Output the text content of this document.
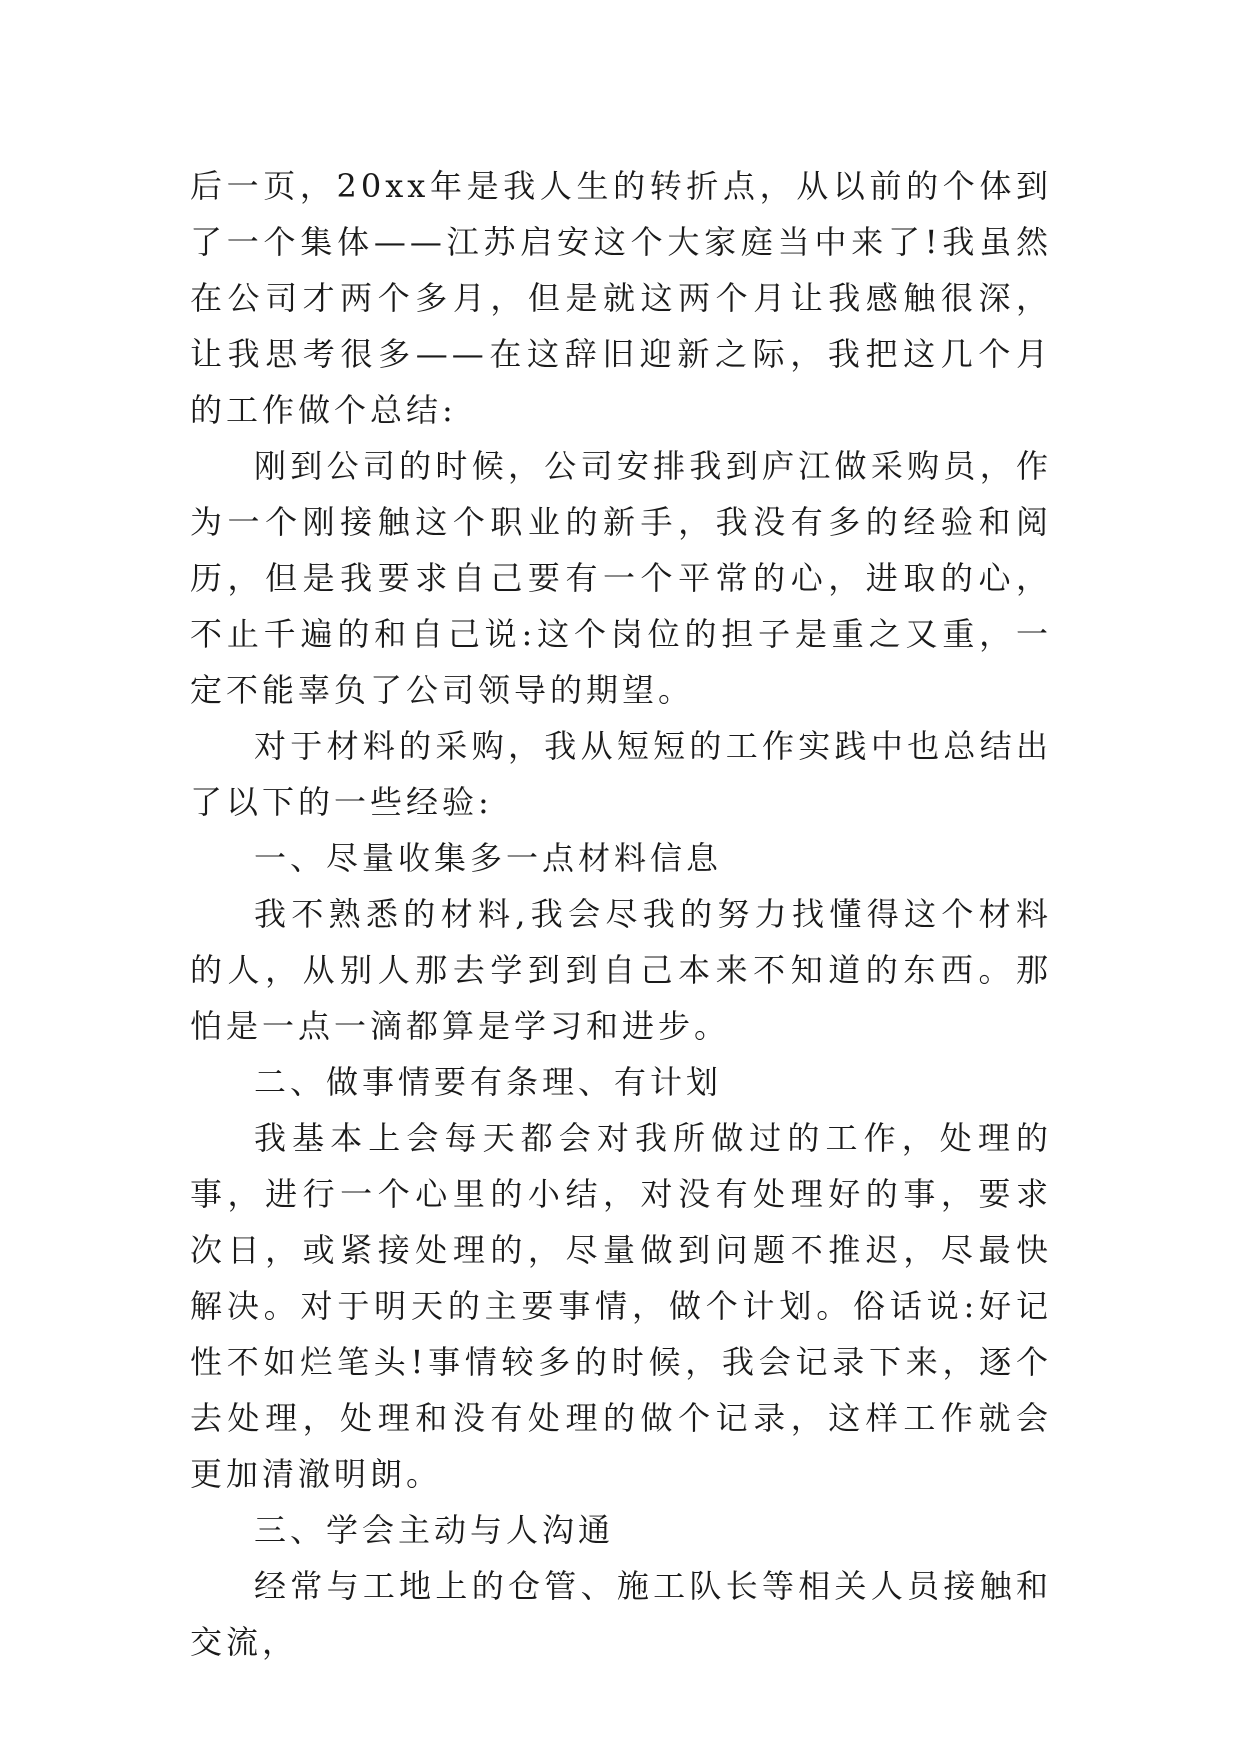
后一页，20xx年是我人生的转折点，从以前的个体到了一个集体——江苏启安这个大家庭当中来了!我虽然在公司才两个多月，但是就这两个月让我感触很深，让我思考很多——在这辞旧迎新之际，我把这几个月的工作做个总结:

刚到公司的时候，公司安排我到庐江做采购员，作为一个刚接触这个职业的新手，我没有多的经验和阅历，但是我要求自己要有一个平常的心，进取的心，不止千遍的和自己说:这个岗位的担子是重之又重，一定不能辜负了公司领导的期望。

对于材料的采购，我从短短的工作实践中也总结出了以下的一些经验:

一、尽量收集多一点材料信息

我不熟悉的材料,我会尽我的努力找懂得这个材料的人，从别人那去学到到自己本来不知道的东西。那怕是一点一滴都算是学习和进步。

二、做事情要有条理、有计划

我基本上会每天都会对我所做过的工作，处理的事，进行一个心里的小结，对没有处理好的事，要求次日，或紧接处理的，尽量做到问题不推迟，尽最快解决。对于明天的主要事情，做个计划。俗话说:好记性不如烂笔头!事情较多的时候，我会记录下来，逐个去处理，处理和没有处理的做个记录，这样工作就会更加清澈明朗。

三、学会主动与人沟通

经常与工地上的仓管、施工队长等相关人员接触和交流，
